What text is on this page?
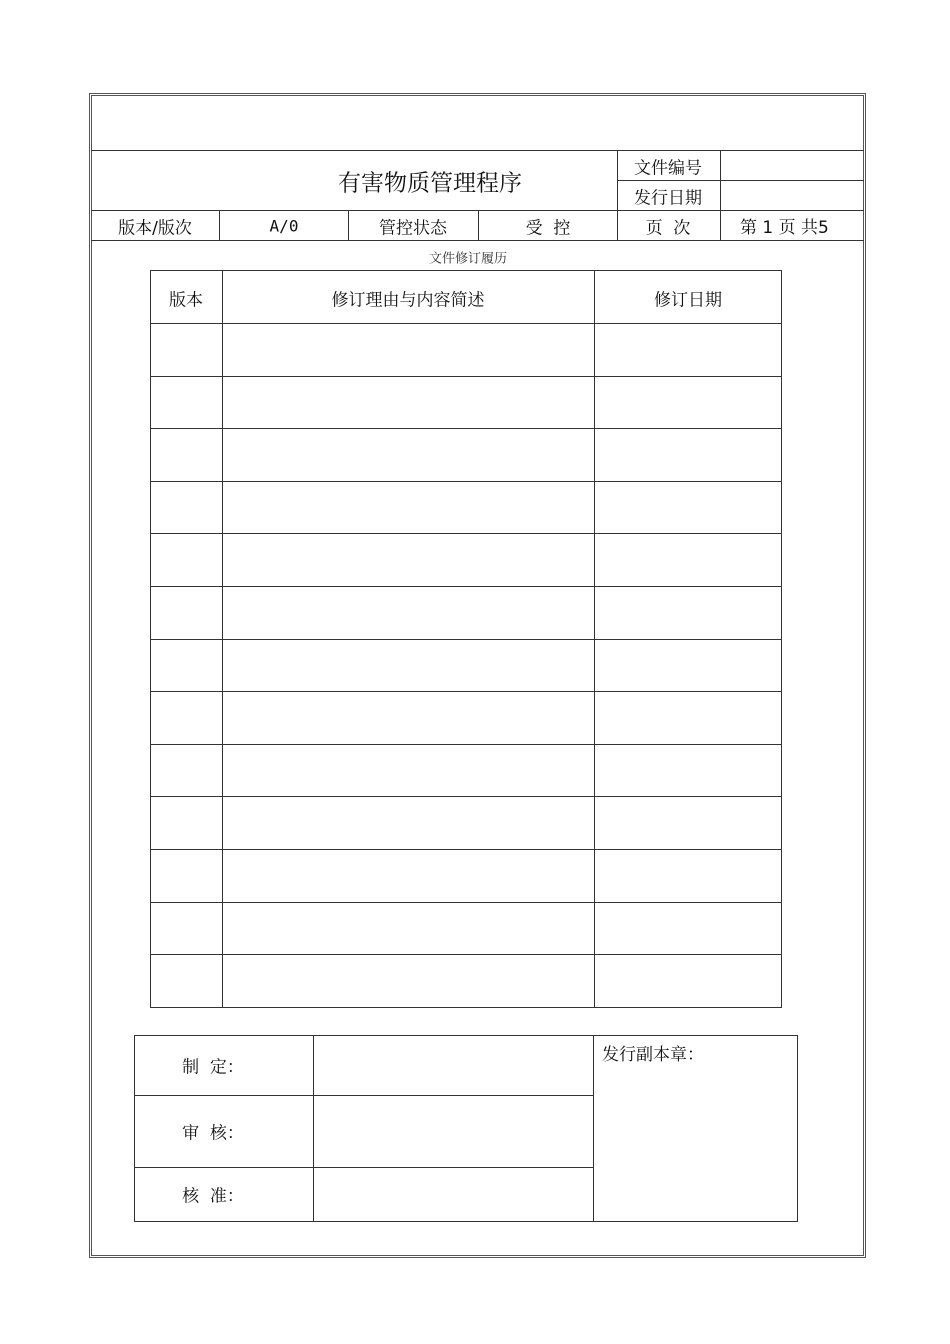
有害物质管理程序
文件编号
发行日期
版本/版次	A/0	管控状态	受  控	页  次	第 1 页 共5
文件修订履历
版本	修订理由与内容简述	修订日期
制  定：
审  核：
核  准：
发行副本章：
